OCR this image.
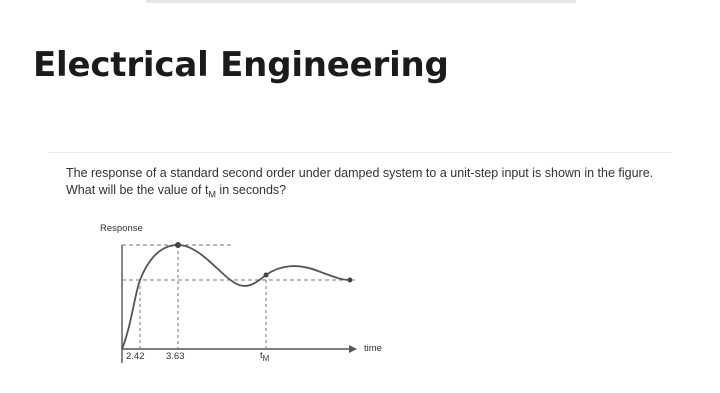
Electrical Engineering

The response of a standard second order under damped system to a unit-step input is shown in the figure. What will be the value of $t_M$ in seconds?

Response
time
2.42 3.63	$t_M$
